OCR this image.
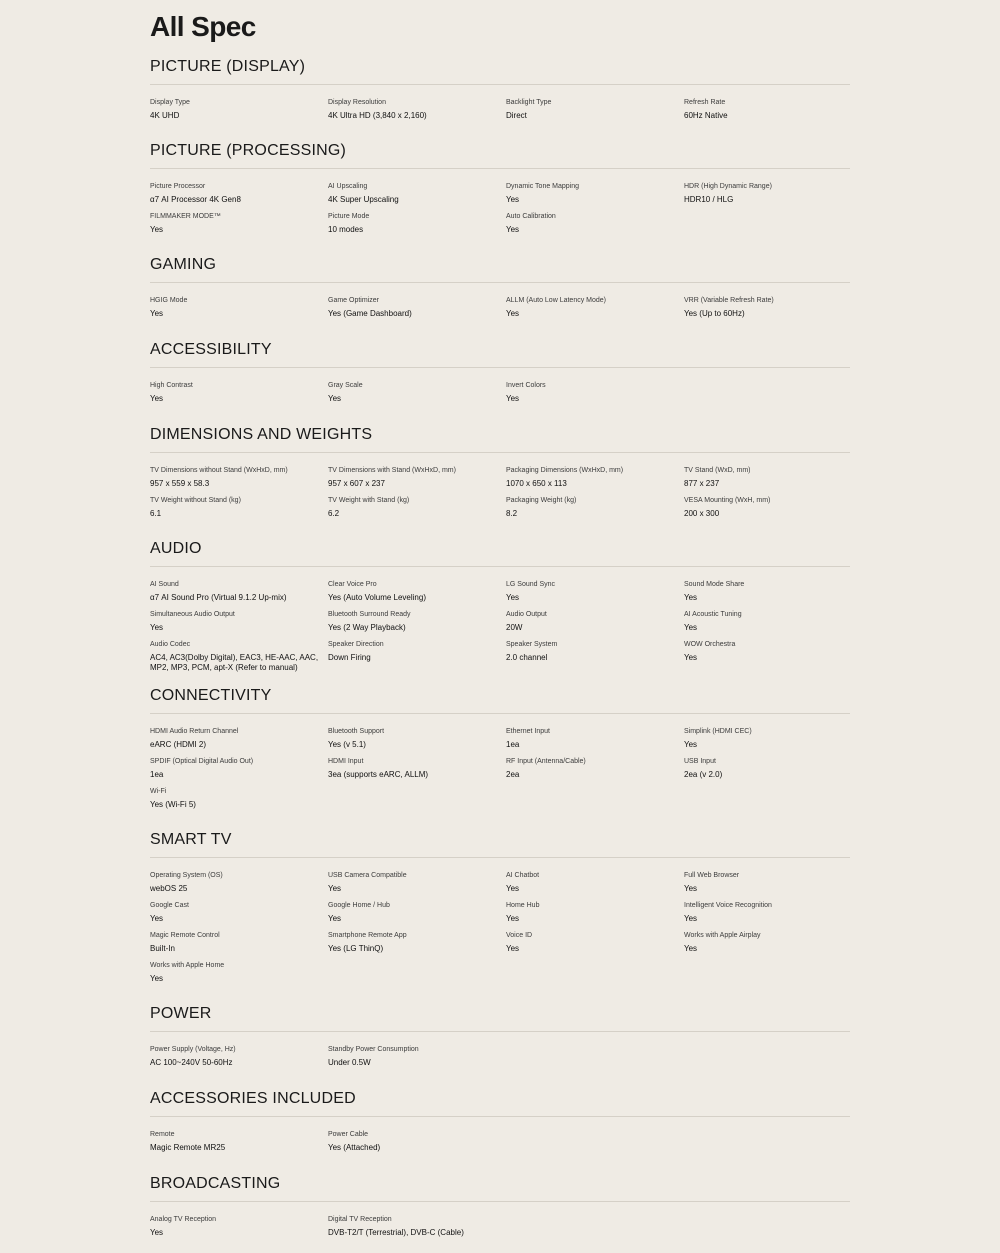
All Spec
PICTURE (DISPLAY)
Display Type
4K UHD
Display Resolution
4K Ultra HD (3,840 x 2,160)
Backlight Type
Direct
Refresh Rate
60Hz Native
PICTURE (PROCESSING)
Picture Processor
α7 AI Processor 4K Gen8
AI Upscaling
4K Super Upscaling
Dynamic Tone Mapping
Yes
HDR (High Dynamic Range)
HDR10 / HLG
FILMMAKER MODE™
Yes
Picture Mode
10 modes
Auto Calibration
Yes
GAMING
HGIG Mode
Yes
Game Optimizer
Yes (Game Dashboard)
ALLM (Auto Low Latency Mode)
Yes
VRR (Variable Refresh Rate)
Yes (Up to 60Hz)
ACCESSIBILITY
High Contrast
Yes
Gray Scale
Yes
Invert Colors
Yes
DIMENSIONS AND WEIGHTS
TV Dimensions without Stand (WxHxD, mm)
957 x 559 x 58.3
TV Dimensions with Stand (WxHxD, mm)
957 x 607 x 237
Packaging Dimensions (WxHxD, mm)
1070 x 650 x 113
TV Stand (WxD, mm)
877 x 237
TV Weight without Stand (kg)
6.1
TV Weight with Stand (kg)
6.2
Packaging Weight (kg)
8.2
VESA Mounting (WxH, mm)
200 x 300
AUDIO
AI Sound
α7 AI Sound Pro (Virtual 9.1.2 Up-mix)
Clear Voice Pro
Yes (Auto Volume Leveling)
LG Sound Sync
Yes
Sound Mode Share
Yes
Simultaneous Audio Output
Yes
Bluetooth Surround Ready
Yes (2 Way Playback)
Audio Output
20W
AI Acoustic Tuning
Yes
Audio Codec
AC4, AC3(Dolby Digital), EAC3, HE-AAC, AAC, MP2, MP3, PCM, apt-X (Refer to manual)
Speaker Direction
Down Firing
Speaker System
2.0 channel
WOW Orchestra
Yes
CONNECTIVITY
HDMI Audio Return Channel
eARC (HDMI 2)
Bluetooth Support
Yes (v 5.1)
Ethernet Input
1ea
Simplink (HDMI CEC)
Yes
SPDIF (Optical Digital Audio Out)
1ea
HDMI Input
3ea (supports eARC, ALLM)
RF Input (Antenna/Cable)
2ea
USB Input
2ea (v 2.0)
Wi-Fi
Yes (Wi-Fi 5)
SMART TV
Operating System (OS)
webOS 25
USB Camera Compatible
Yes
AI Chatbot
Yes
Full Web Browser
Yes
Google Cast
Yes
Google Home / Hub
Yes
Home Hub
Yes
Intelligent Voice Recognition
Yes
Magic Remote Control
Built-In
Smartphone Remote App
Yes (LG ThinQ)
Voice ID
Yes
Works with Apple Airplay
Yes
Works with Apple Home
Yes
POWER
Power Supply (Voltage, Hz)
AC 100~240V 50-60Hz
Standby Power Consumption
Under 0.5W
ACCESSORIES INCLUDED
Remote
Magic Remote MR25
Power Cable
Yes (Attached)
BROADCASTING
Analog TV Reception
Yes
Digital TV Reception
DVB-T2/T (Terrestrial), DVB-C (Cable)
